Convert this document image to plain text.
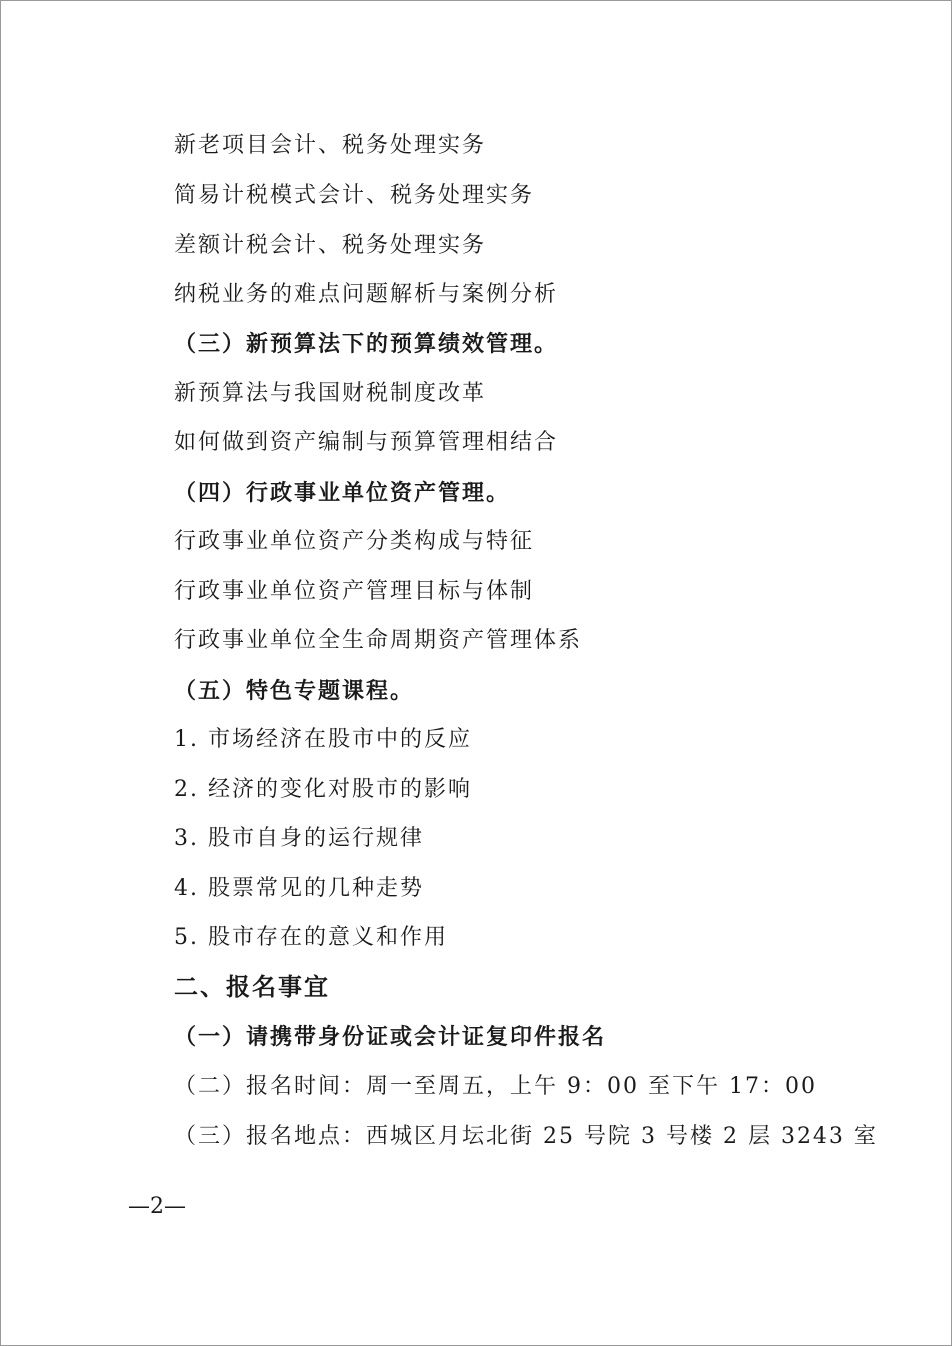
新老项目会计、税务处理实务
简易计税模式会计、税务处理实务
差额计税会计、税务处理实务
纳税业务的难点问题解析与案例分析
（三）新预算法下的预算绩效管理。
新预算法与我国财税制度改革
如何做到资产编制与预算管理相结合
（四）行政事业单位资产管理。
行政事业单位资产分类构成与特征
行政事业单位资产管理目标与体制
行政事业单位全生命周期资产管理体系
（五）特色专题课程。
1. 市场经济在股市中的反应
2. 经济的变化对股市的影响
3. 股市自身的运行规律
4. 股票常见的几种走势
5. 股市存在的意义和作用
二、报名事宜
（一）请携带身份证或会计证复印件报名
（二）报名时间：周一至周五，上午 9：00 至下午 17：00
（三）报名地点：西城区月坛北街 25 号院 3 号楼 2 层 3243 室
—2—
